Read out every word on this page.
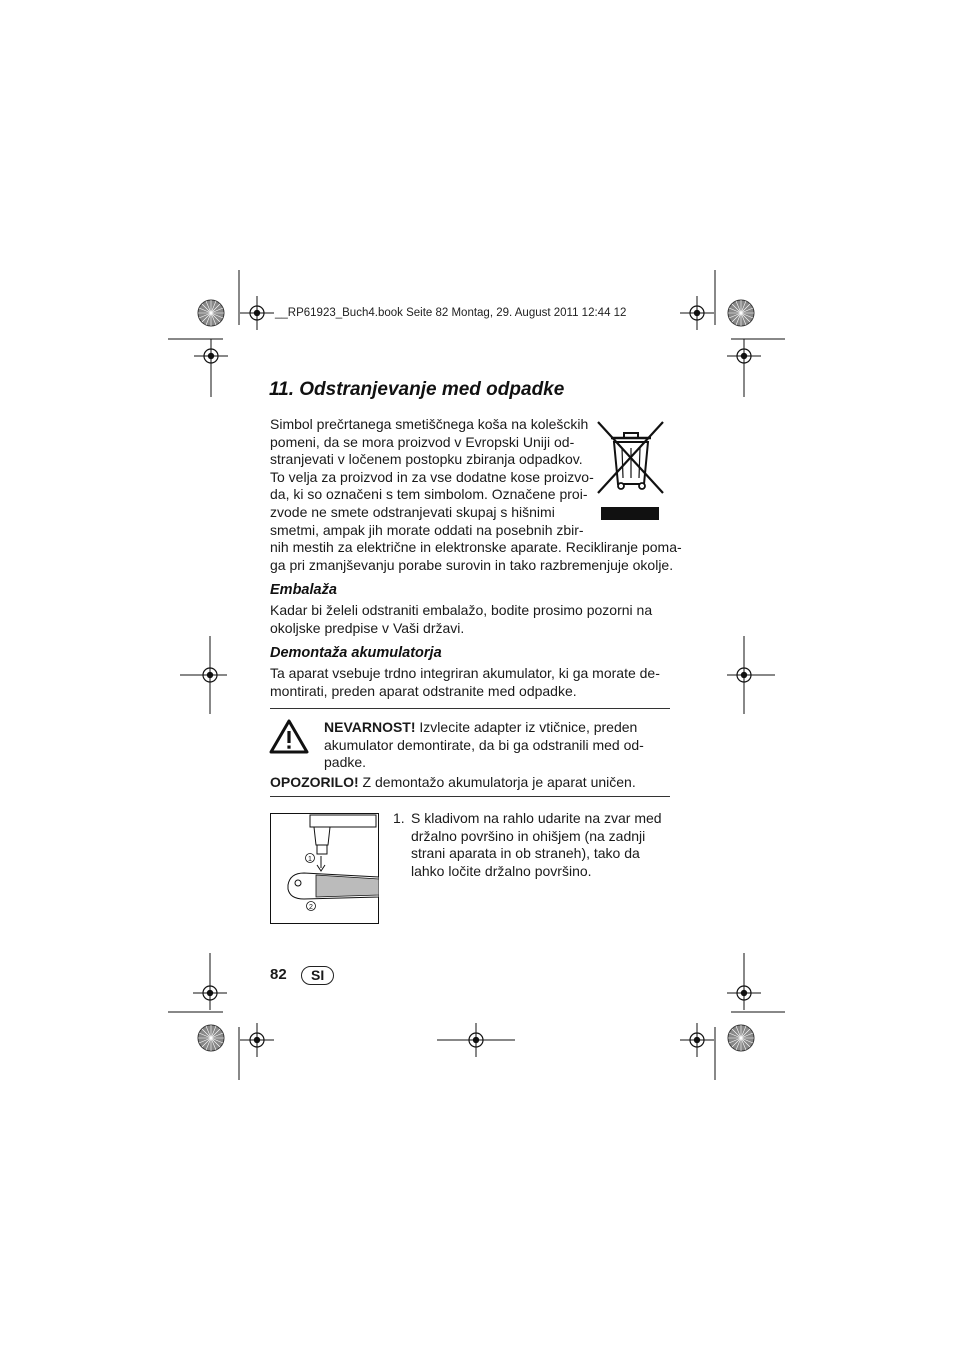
__RP61923_Buch4.book Seite 82 Montag, 29. August 2011 12:44 12
11. Odstranjevanje med odpadke
Simbol prečrtanega smetiščnega koša na kolešckih
pomeni, da se mora proizvod v Evropski Uniji od-
stranjevati v ločenem postopku zbiranja odpadkov.
To velja za proizvod in za vse dodatne kose proizvo-
da, ki so označeni s tem simbolom. Označene proi-
zvode ne smete odstranjevati skupaj s hišnimi
smetmi, ampak jih morate oddati na posebnih zbir-
nih mestih za električne in elektronske aparate. Recikliranje poma-
ga pri zmanjševanju porabe surovin in tako razbremenjuje okolje.
Embalaža
Kadar bi želeli odstraniti embalažo, bodite prosimo pozorni na
okoljske predpise v Vaši državi.
Demontaža akumulatorja
Ta aparat vsebuje trdno integriran akumulator, ki ga morate de-
montirati, preden aparat odstranite med odpadke.
NEVARNOST! Izvlecite adapter iz vtičnice, preden
akumulator demontirate, da bi ga odstranili med od-
padke.
OPOZORILO! Z demontažo akumulatorja je aparat uničen.
1
2
1. S kladivom na rahlo udarite na zvar med
držalno površino in ohišjem (na zadnji
strani aparata in ob straneh), tako da
lahko ločite držalno površino.
82	SI
